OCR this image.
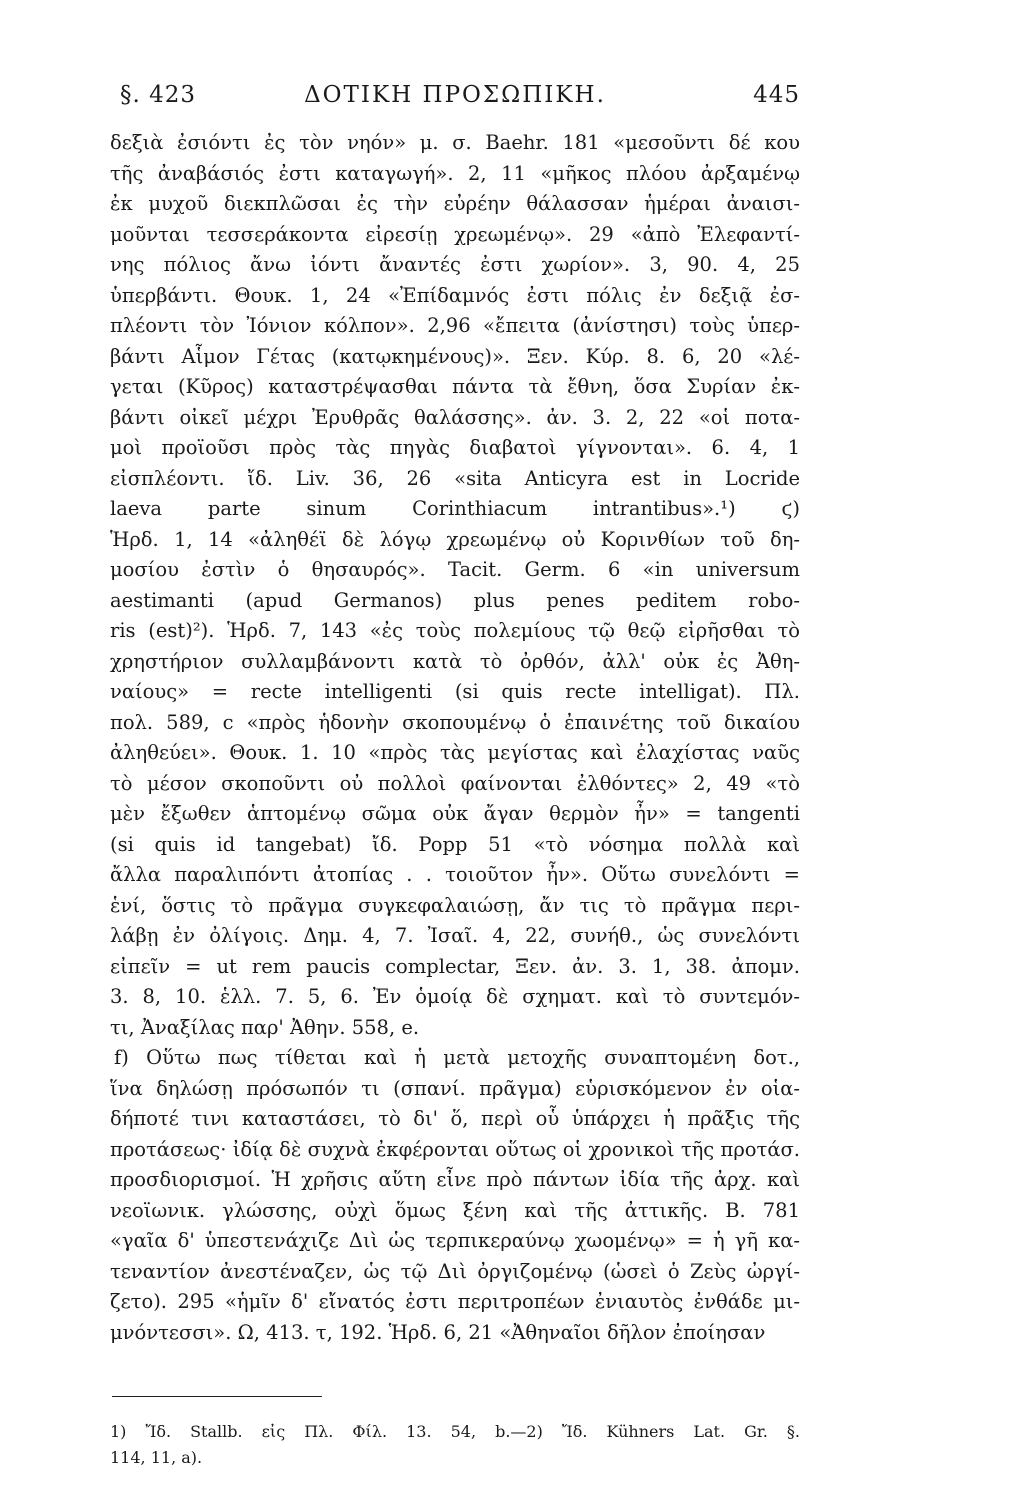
§. 423	ΔΟΤΙΚΗ ΠΡΟΣΩΠΙΚΗ.	445
δεξιὰ ἐσιόντι ἐς τὸν νηόν» μ. σ. Baehr. 181 «μεσοῦντι δέ κου
τῆς ἀναβάσιός ἐστι καταγωγή». 2, 11 «μῆκος πλόου ἀρξαμένῳ
ἐκ μυχοῦ διεκπλῶσαι ἐς τὴν εὐρέην θάλασσαν ἡμέραι ἀναισι-
μοῦνται τεσσεράκοντα εἰρεσίῃ χρεωμένῳ». 29 «ἀπὸ Ἐλεφαντί-
νης πόλιος ἄνω ἰόντι ἄναντές ἐστι χωρίον». 3, 90. 4, 25
ὑπερβάντι. Θουκ. 1, 24 «Ἐπίδαμνός ἐστι πόλις ἐν δεξιᾷ ἐσ-
πλέοντι τὸν Ἰόνιον κόλπον». 2,96 «ἔπειτα (ἀνίστησι) τοὺς ὑπερ-
βάντι Αἷμον Γέτας (κατῳκημένους)». Ξεν. Κύρ. 8. 6, 20 «λέ-
γεται (Κῦρος) καταστρέψασθαι πάντα τὰ ἔθνη, ὅσα Συρίαν ἐκ-
βάντι οἰκεῖ μέχρι Ἐρυθρᾶς θαλάσσης». ἀν. 3. 2, 22 «οἱ ποτα-
μοὶ προϊοῦσι πρὸς τὰς πηγὰς διαβατοὶ γίγνονται». 6. 4, 1
εἰσπλέοντι. ἴδ. Liv. 36, 26 «sita Anticyra est in Locride
laeva parte sinum Corinthiacum intrantibus».¹) ϛ)
Ἡρδ. 1, 14 «ἀληθέϊ δὲ λόγῳ χρεωμένῳ οὐ Κορινθίων τοῦ δη-
μοσίου ἐστὶν ὁ θησαυρός». Tacit. Germ. 6 «in universum
aestimanti (apud Germanos) plus penes peditem robo-
ris (est)²). Ἡρδ. 7, 143 «ἐς τοὺς πολεμίους τῷ θεῷ εἰρῆσθαι τὸ
χρηστήριον συλλαμβάνοντι κατὰ τὸ ὀρθόν, ἀλλ' οὐκ ἐς Ἀθη-
ναίους» = recte intelligenti (si quis recte intelligat). Πλ.
πολ. 589, c «πρὸς ἡδονὴν σκοπουμένῳ ὁ ἐπαινέτης τοῦ δικαίου
ἀληθεύει». Θουκ. 1. 10 «πρὸς τὰς μεγίστας καὶ ἐλαχίστας ναῦς
τὸ μέσον σκοποῦντι οὐ πολλοὶ φαίνονται ἐλθόντες» 2, 49 «τὸ
μὲν ἔξωθεν ἁπτομένῳ σῶμα οὐκ ἄγαν θερμὸν ἦν» = tangenti
(si quis id tangebat) ἴδ. Popp 51 «τὸ νόσημα πολλὰ καὶ
ἄλλα παραλιπόντι ἀτοπίας . . τοιοῦτον ἦν». Οὕτω συνελόντι =
ἑνί, ὅστις τὸ πρᾶγμα συγκεφαλαιώσῃ, ἄν τις τὸ πρᾶγμα περι-
λάβῃ ἐν ὀλίγοις. Δημ. 4, 7. Ἰσαῖ. 4, 22, συνήθ., ὡς συνελόντι
εἰπεῖν = ut rem paucis complectar, Ξεν. ἀν. 3. 1, 38. ἀπομν.
3. 8, 10. ἑλλ. 7. 5, 6. Ἐν ὁμοίᾳ δὲ σχηματ. καὶ τὸ συντεμόν-
τι, Ἀναξίλας παρ' Ἀθην. 558, e.
f) Οὕτω πως τίθεται καὶ ἡ μετὰ μετοχῆς συναπτομένη δοτ.,
ἵνα δηλώσῃ πρόσωπόν τι (σπανί. πρᾶγμα) εὑρισκόμενον ἐν οἱα-
δήποτέ τινι καταστάσει, τὸ δι' ὅ, περὶ οὗ ὑπάρχει ἡ πρᾶξις τῆς
προτάσεως· ἰδίᾳ δὲ συχνὰ ἐκφέρονται οὕτως οἱ χρονικοὶ τῆς προτάσ.
προσδιορισμοί. Ἡ χρῆσις αὕτη εἶνε πρὸ πάντων ἰδία τῆς ἀρχ. καὶ
νεοϊωνικ. γλώσσης, οὐχὶ ὅμως ξένη καὶ τῆς ἀττικῆς. Β. 781
«γαῖα δ' ὑπεστενάχιζε Διὶ ὡς τερπικεραύνῳ χωομένῳ» = ἡ γῆ κα-
τεναντίον ἀνεστέναζεν, ὡς τῷ Διὶ ὀργιζομένῳ (ὡσεὶ ὁ Ζεὺς ὠργί-
ζετο). 295 «ἡμῖν δ' εἴνατός ἐστι περιτροπέων ἐνιαυτὸς ἐνθάδε μι-
μνόντεσσι». Ω, 413. τ, 192. Ἡρδ. 6, 21 «Ἀθηναῖοι δῆλον ἐποίησαν
1) Ἴδ. Stallb. εἰς Πλ. Φίλ. 13. 54, b.—2) Ἴδ. Kühners Lat. Gr. §.
114, 11, a).
